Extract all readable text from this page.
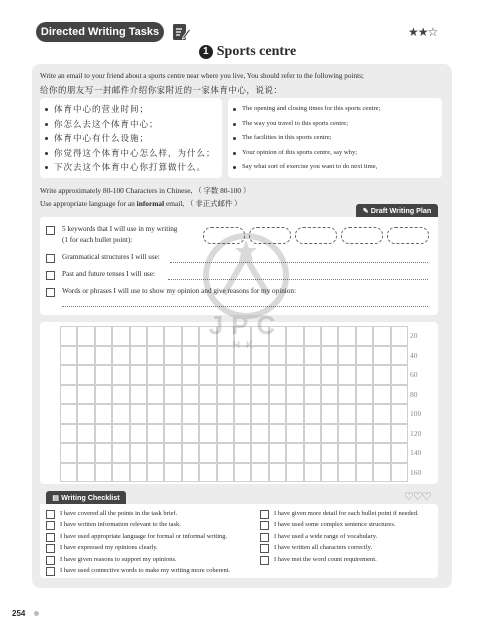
Directed Writing Tasks	★★☆
1 Sports centre
Write an email to your friend about a sports centre near where you live, You should refer to the following points;
给你的朋友写一封邮件介绍你家附近的一家体育中心，说说：
体育中心的营业时间；
你怎么去这个体育中心；
体育中心有什么设施；
你觉得这个体育中心怎么样，为什么；
下次去这个体育中心你打算做什么。
The opening and closing times for this sports centre;
The way you travel to this sports centre;
The facilities in this sports centre;
Your opinion of this sports centre, say why;
Say what sort of exercise you want to do next time,
Write approximately 80-100 Characters in Chinese, （ 字数 80-100 ）
Use appropriate language for an informal email, （ 非正式邮件 ）
✎ Draft Writing Plan
5 keywords that I will use in my writing
(1 for each bullet point):
Grammatical structures I will use:
Past and future tenses I will use:
Words or phrases I will use to show my opinion and give reasons for my opinion:
20
40
60
80
100
120
140
160
▤ Writing Checklist	♡♡♡
I have covered all the points in the task brief.
I have written information relevant to the task.
I have used appropriate language for formal or informal writing.
I have expressed my opinions clearly.
I have given reasons to support my opinions.
I have used connective words to make my writing more coherent.
I have given more detail for each bullet point if needed.
I have used some complex sentence structures.
I have used a wide range of vocabulary.
I have written all characters correctly.
I have met the word count requirement.
JPC
HK
254
